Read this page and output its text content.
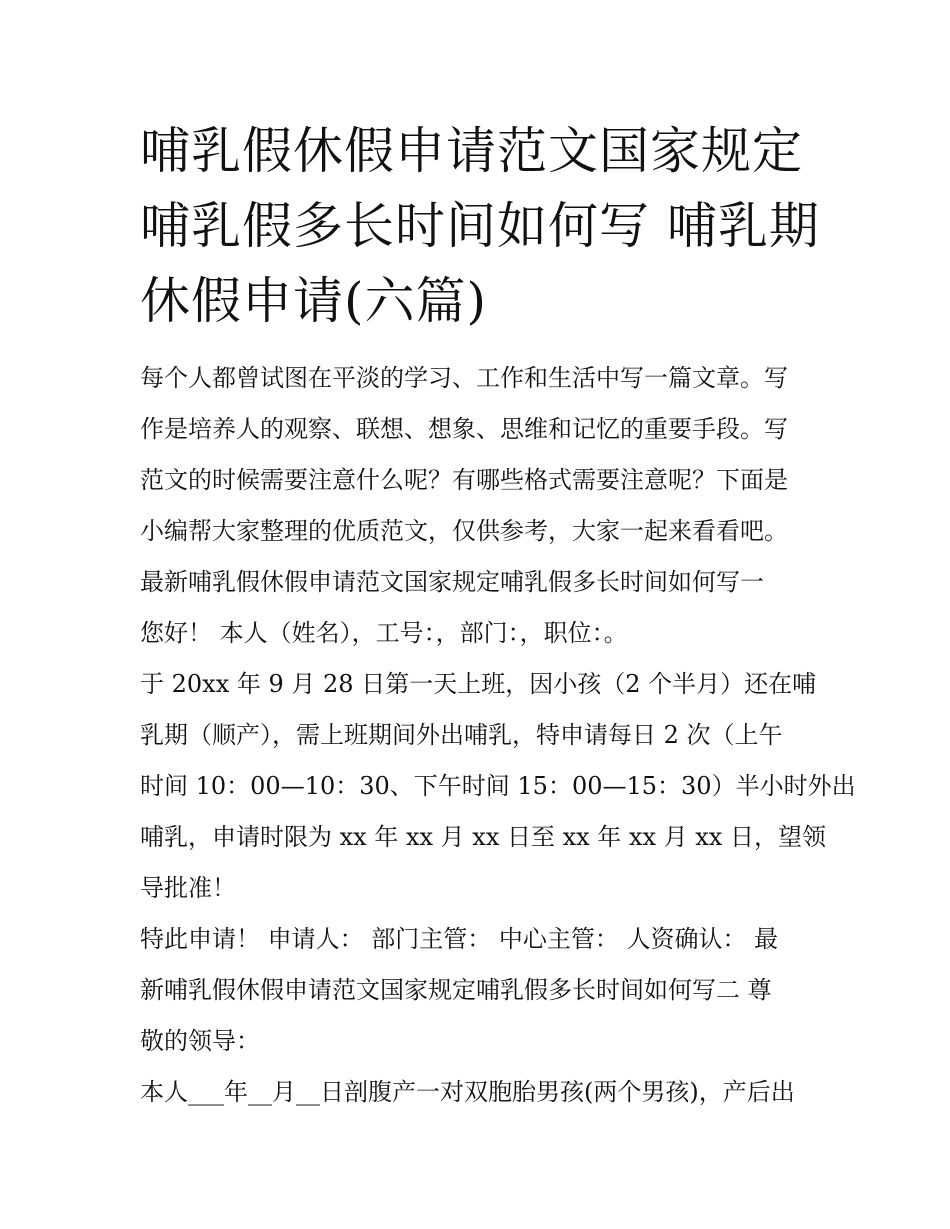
哺乳假休假申请范文国家规定
哺乳假多长时间如何写 哺乳期
休假申请(六篇)

每个人都曾试图在平淡的学习、工作和生活中写一篇文章。写

作是培养人的观察、联想、想象、思维和记忆的重要手段。写

范文的时候需要注意什么呢？有哪些格式需要注意呢？下面是

小编帮大家整理的优质范文，仅供参考，大家一起来看看吧。

最新哺乳假休假申请范文国家规定哺乳假多长时间如何写一

您好！ 本人（姓名），工号：，部门：，职位：。

于 20xx 年 9 月 28 日第一天上班，因小孩（2 个半月）还在哺

乳期（顺产），需上班期间外出哺乳，特申请每日 2 次（上午

时间 10：00—10：30、下午时间 15：00—15：30）半小时外出

哺乳，申请时限为 xx 年 xx 月 xx 日至 xx 年 xx 月 xx 日，望领

导批准！

特此申请！ 申请人： 部门主管： 中心主管： 人资确认： 最

新哺乳假休假申请范文国家规定哺乳假多长时间如何写二 尊

敬的领导：

本人___年__月__日剖腹产一对双胞胎男孩(两个男孩)，产后出
